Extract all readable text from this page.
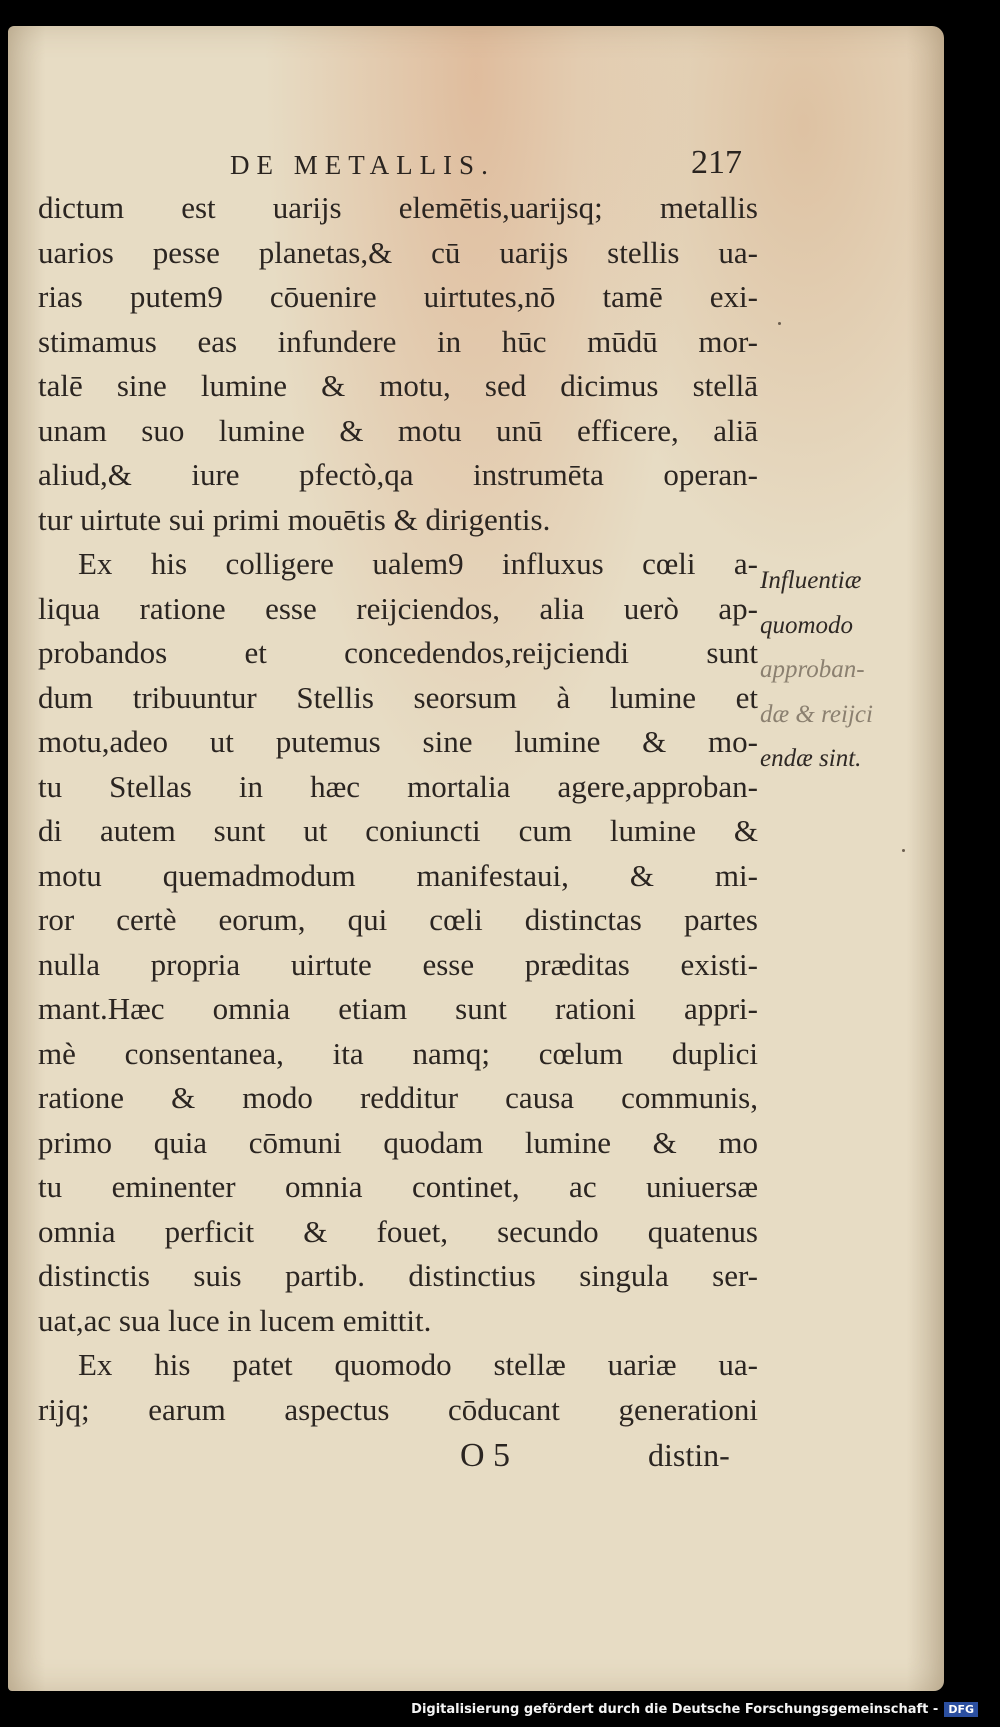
DE METALLIS.	217
dictum est uarijs elemētis,uarijsq; metallis
uarios pesse planetas,& cū uarijs stellis ua-
rias putem9 cōuenire uirtutes,nō tamē exi-
stimamus eas infundere in hūc mūdū mor-
talē sine lumine & motu, sed dicimus stellā
unam suo lumine & motu unū efficere, aliā
aliud,& iure pfectò,qa instrumēta operan-
tur uirtute sui primi mouētis & dirigentis.
Ex his colligere ualem9 influxus cœli a-
liqua ratione esse reijciendos, alia uerò ap-
probandos et concedendos,reijciendi sunt
dum tribuuntur Stellis seorsum à lumine et
motu,adeo ut putemus sine lumine & mo-
tu Stellas in hæc mortalia agere,approban-
di autem sunt ut coniuncti cum lumine &
motu quemadmodum manifestaui, & mi-
ror certè eorum, qui cœli distinctas partes
nulla propria uirtute esse præditas existi-
mant.Hæc omnia etiam sunt rationi appri-
mè consentanea, ita namq; cœlum duplici
ratione & modo redditur causa communis,
primo quia cōmuni quodam lumine & mo
tu eminenter omnia continet, ac uniuersæ
omnia perficit & fouet, secundo quatenus
distinctis suis partib. distinctius singula ser-
uat,ac sua luce in lucem emittit.
Ex his patet quomodo stellæ uariæ ua-
rijq; earum aspectus cōducant generationi
O 5	distin-
Influentiæ
quomodo
approban-
dæ & reijci
endæ sint.
Digitalisierung gefördert durch die Deutsche Forschungsgemeinschaft - DFG
